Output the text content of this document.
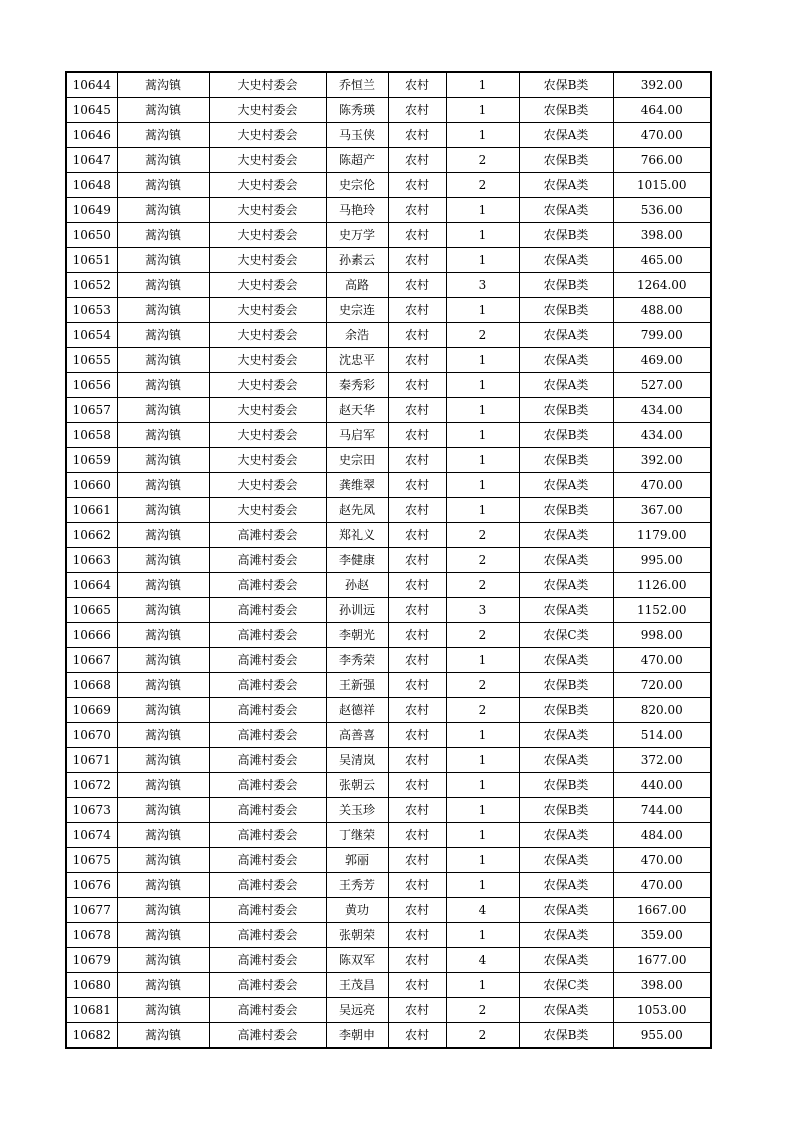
10644	蒿沟镇	大史村委会	乔恒兰	农村	1	农保B类	392.00
10645	蒿沟镇	大史村委会	陈秀瑛	农村	1	农保B类	464.00
10646	蒿沟镇	大史村委会	马玉侠	农村	1	农保A类	470.00
10647	蒿沟镇	大史村委会	陈超产	农村	2	农保B类	766.00
10648	蒿沟镇	大史村委会	史宗伦	农村	2	农保A类	1015.00
10649	蒿沟镇	大史村委会	马艳玲	农村	1	农保A类	536.00
10650	蒿沟镇	大史村委会	史万学	农村	1	农保B类	398.00
10651	蒿沟镇	大史村委会	孙素云	农村	1	农保A类	465.00
10652	蒿沟镇	大史村委会	高路	农村	3	农保B类	1264.00
10653	蒿沟镇	大史村委会	史宗连	农村	1	农保B类	488.00
10654	蒿沟镇	大史村委会	余浩	农村	2	农保A类	799.00
10655	蒿沟镇	大史村委会	沈忠平	农村	1	农保A类	469.00
10656	蒿沟镇	大史村委会	秦秀彩	农村	1	农保A类	527.00
10657	蒿沟镇	大史村委会	赵天华	农村	1	农保B类	434.00
10658	蒿沟镇	大史村委会	马启军	农村	1	农保B类	434.00
10659	蒿沟镇	大史村委会	史宗田	农村	1	农保B类	392.00
10660	蒿沟镇	大史村委会	龚维翠	农村	1	农保A类	470.00
10661	蒿沟镇	大史村委会	赵先凤	农村	1	农保B类	367.00
10662	蒿沟镇	高滩村委会	郑礼义	农村	2	农保A类	1179.00
10663	蒿沟镇	高滩村委会	李健康	农村	2	农保A类	995.00
10664	蒿沟镇	高滩村委会	孙赵	农村	2	农保A类	1126.00
10665	蒿沟镇	高滩村委会	孙训远	农村	3	农保A类	1152.00
10666	蒿沟镇	高滩村委会	李朝光	农村	2	农保C类	998.00
10667	蒿沟镇	高滩村委会	李秀荣	农村	1	农保A类	470.00
10668	蒿沟镇	高滩村委会	王新强	农村	2	农保B类	720.00
10669	蒿沟镇	高滩村委会	赵德祥	农村	2	农保B类	820.00
10670	蒿沟镇	高滩村委会	高善喜	农村	1	农保A类	514.00
10671	蒿沟镇	高滩村委会	吴清岚	农村	1	农保A类	372.00
10672	蒿沟镇	高滩村委会	张朝云	农村	1	农保B类	440.00
10673	蒿沟镇	高滩村委会	关玉珍	农村	1	农保B类	744.00
10674	蒿沟镇	高滩村委会	丁继荣	农村	1	农保A类	484.00
10675	蒿沟镇	高滩村委会	郭丽	农村	1	农保A类	470.00
10676	蒿沟镇	高滩村委会	王秀芳	农村	1	农保A类	470.00
10677	蒿沟镇	高滩村委会	黄功	农村	4	农保A类	1667.00
10678	蒿沟镇	高滩村委会	张朝荣	农村	1	农保A类	359.00
10679	蒿沟镇	高滩村委会	陈双军	农村	4	农保A类	1677.00
10680	蒿沟镇	高滩村委会	王茂昌	农村	1	农保C类	398.00
10681	蒿沟镇	高滩村委会	吴远亮	农村	2	农保A类	1053.00
10682	蒿沟镇	高滩村委会	李朝申	农村	2	农保B类	955.00
